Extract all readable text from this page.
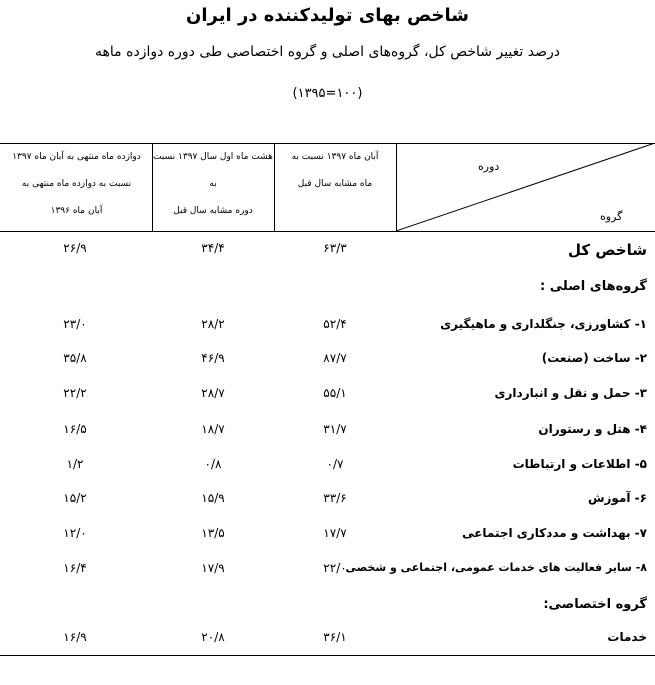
شاخص بهای تولیدکننده در ایران
درصد تغییر شاخص کل، گروه‌های اصلی و گروه اختصاصی طی دوره دوازده ماهه
(۱۰۰=۱۳۹۵)
دوره
گروه
آبان ماه ۱۳۹۷ نسبت به
ماه مشابه سال قبل
هشت ماه اول سال ۱۳۹۷ نسبت به
دوره مشابه سال قبل
دوازده ماه منتهی به آبان ماه ۱۳۹۷
نسبت به دوازده ماه منتهی به
آبان ماه ۱۳۹۶
شاخص کل
۶۳/۳
۳۴/۴
۲۶/۹
گروه‌های اصلی :
۱- کشاورزی، جنگلداری و ماهیگیری
۵۲/۴
۲۸/۲
۲۳/۰
۲- ساخت (صنعت)
۸۷/۷
۴۶/۹
۳۵/۸
۳- حمل و نقل و انبارداری
۵۵/۱
۲۸/۷
۲۲/۲
۴- هتل و رستوران
۳۱/۷
۱۸/۷
۱۶/۵
۵- اطلاعات و ارتباطات
۰/۷
۰/۸
۱/۲
۶- آموزش
۳۳/۶
۱۵/۹
۱۵/۲
۷- بهداشت و مددکاری اجتماعی
۱۷/۷
۱۳/۵
۱۲/۰
۸- سایر فعالیت های خدمات عمومی، اجتماعی و شخصی
۲۲/۰
۱۷/۹
۱۶/۴
گروه اختصاصی:
خدمات
۳۶/۱
۲۰/۸
۱۶/۹
